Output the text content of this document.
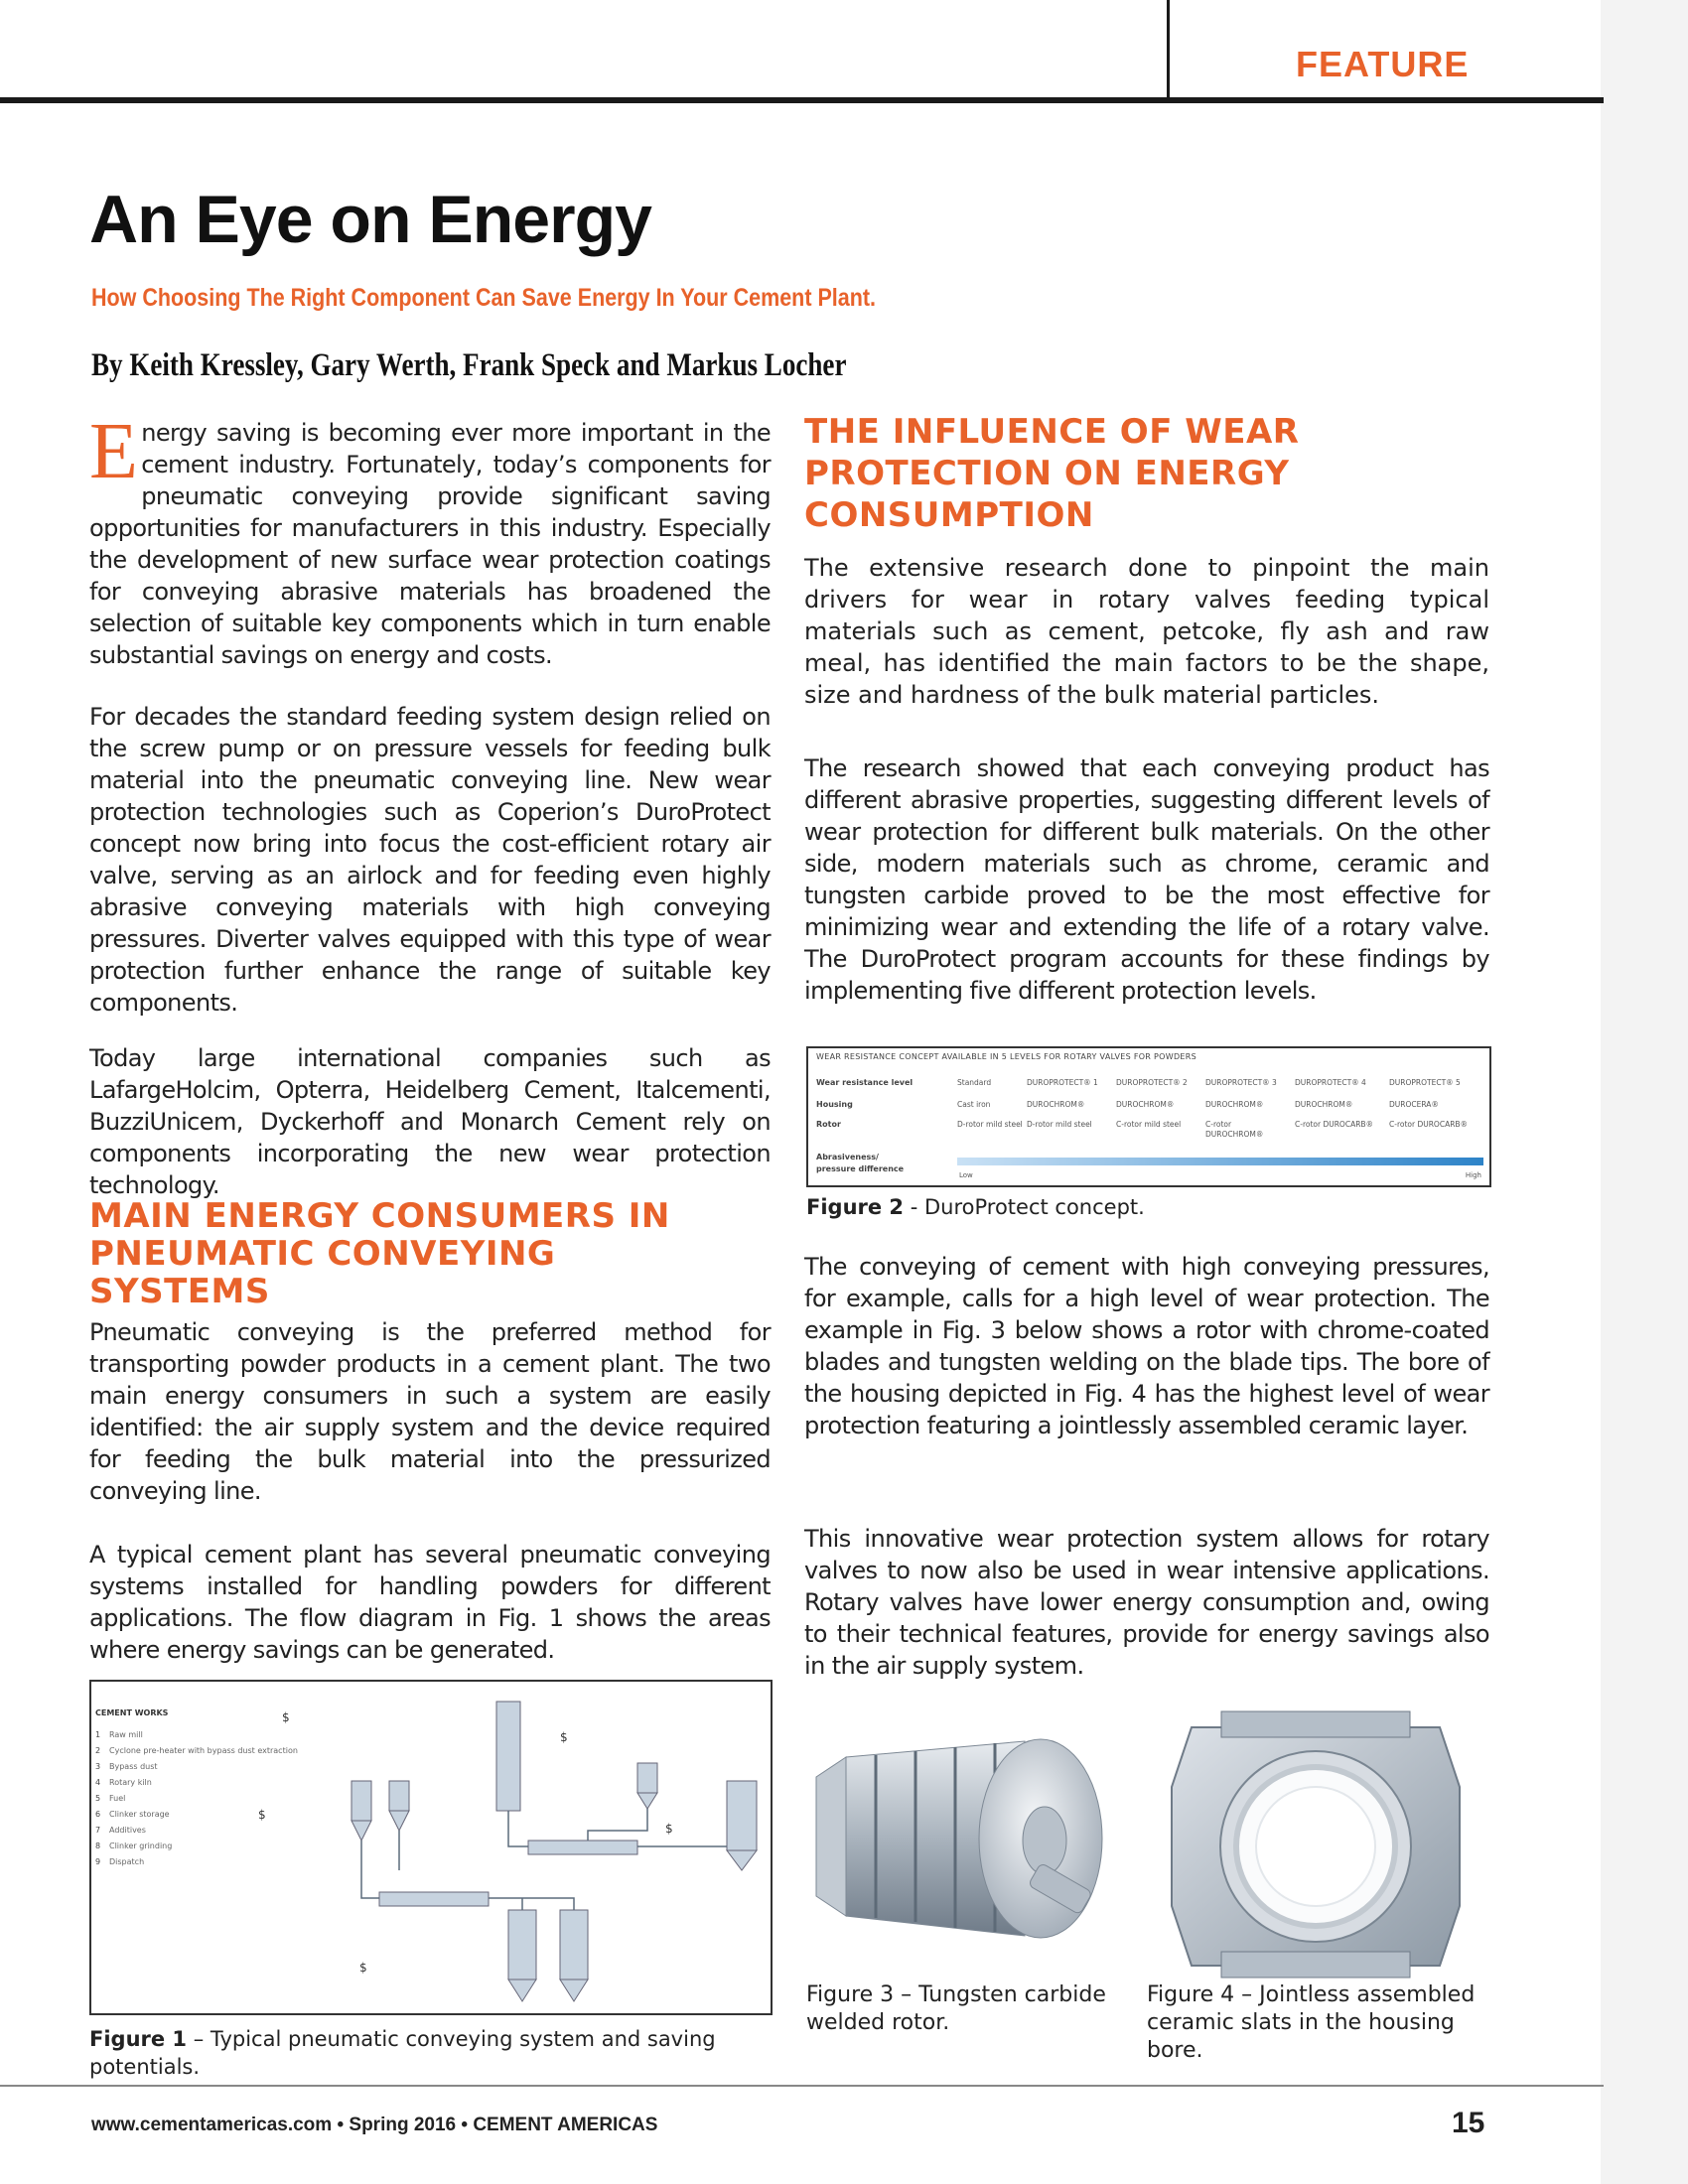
FEATURE
An Eye on Energy
How Choosing The Right Component Can Save Energy In Your Cement Plant.
By Keith Kressley, Gary Werth, Frank Speck and Markus Locher
Energy saving is becoming ever more important in the cement industry. Fortunately, today’s components for pneumatic conveying provide significant saving opportunities for manufacturers in this industry. Especially the development of new surface wear protection coatings for conveying abrasive materials has broadened the selection of suitable key components which in turn enable substantial savings on energy and costs.
For decades the standard feeding system design relied on the screw pump or on pressure vessels for feeding bulk material into the pneumatic conveying line. New wear protection technologies such as Coperion’s DuroProtect concept now bring into focus the cost-efficient rotary air valve, serving as an airlock and for feeding even highly abrasive conveying materials with high conveying pressures. Diverter valves equipped with this type of wear protection further enhance the range of suitable key components.
Today large international companies such as LafargeHolcim, Opterra, Heidelberg Cement, Italcementi, BuzziUnicem, Dyckerhoff and Monarch Cement rely on components incorporating the new wear protection technology.
MAIN ENERGY CONSUMERS IN PNEUMATIC CONVEYING SYSTEMS
Pneumatic conveying is the preferred method for transporting powder products in a cement plant. The two main energy consumers in such a system are easily identified: the air supply system and the device required for feeding the bulk material into the pressurized conveying line.
A typical cement plant has several pneumatic conveying systems installed for handling powders for different applications. The flow diagram in Fig. 1 shows the areas where energy savings can be generated.
CEMENT WORKS
1 Raw mill
2 Cyclone pre-heater with bypass dust extraction
3 Bypass dust
4 Rotary kiln
5 Fuel
6 Clinker storage
7 Additives
8 Clinker grinding
9 Dispatch
$
$
$
$
$
Figure 1 – Typical pneumatic conveying system and saving potentials.
THE INFLUENCE OF WEAR PROTECTION ON ENERGY CONSUMPTION
The extensive research done to pinpoint the main drivers for wear in rotary valves feeding typical materials such as cement, petcoke, fly ash and raw meal, has identified the main factors to be the shape, size and hardness of the bulk material particles.
The research showed that each conveying product has different abrasive properties, suggesting different levels of wear protection for different bulk materials. On the other side, modern materials such as chrome, ceramic and tungsten carbide proved to be the most effective for minimizing wear and extending the life of a rotary valve. The DuroProtect program accounts for these findings by implementing five different protection levels.
WEAR RESISTANCE CONCEPT AVAILABLE IN 5 LEVELS FOR ROTARY VALVES FOR POWDERS
Wear resistance level
Housing
Rotor
Abrasiveness/ pressure difference
Standard
Cast iron
D-rotor mild steel
DUROPROTECT® 1
DUROCHROM®
D-rotor mild steel
DUROPROTECT® 2
DUROCHROM®
C-rotor mild steel
DUROPROTECT® 3
DUROCHROM®
C-rotor DUROCHROM®
DUROPROTECT® 4
DUROCHROM®
C-rotor DUROCARB®
DUROPROTECT® 5
DUROCERA®
C-rotor DUROCARB®
Low	High
Figure 2 - DuroProtect concept.
The conveying of cement with high conveying pressures, for example, calls for a high level of wear protection. The example in Fig. 3 below shows a rotor with chrome-coated blades and tungsten welding on the blade tips. The bore of the housing depicted in Fig. 4 has the highest level of wear protection featuring a jointlessly assembled ceramic layer.
This innovative wear protection system allows for rotary valves to now also be used in wear intensive applications. Rotary valves have lower energy consumption and, owing to their technical features, provide for energy savings also in the air supply system.
Figure 3 – Tungsten carbide welded rotor.
Figure 4 – Jointless assembled ceramic slats in the housing bore.
www.cementamericas.com • Spring 2016 • CEMENT AMERICAS	15
